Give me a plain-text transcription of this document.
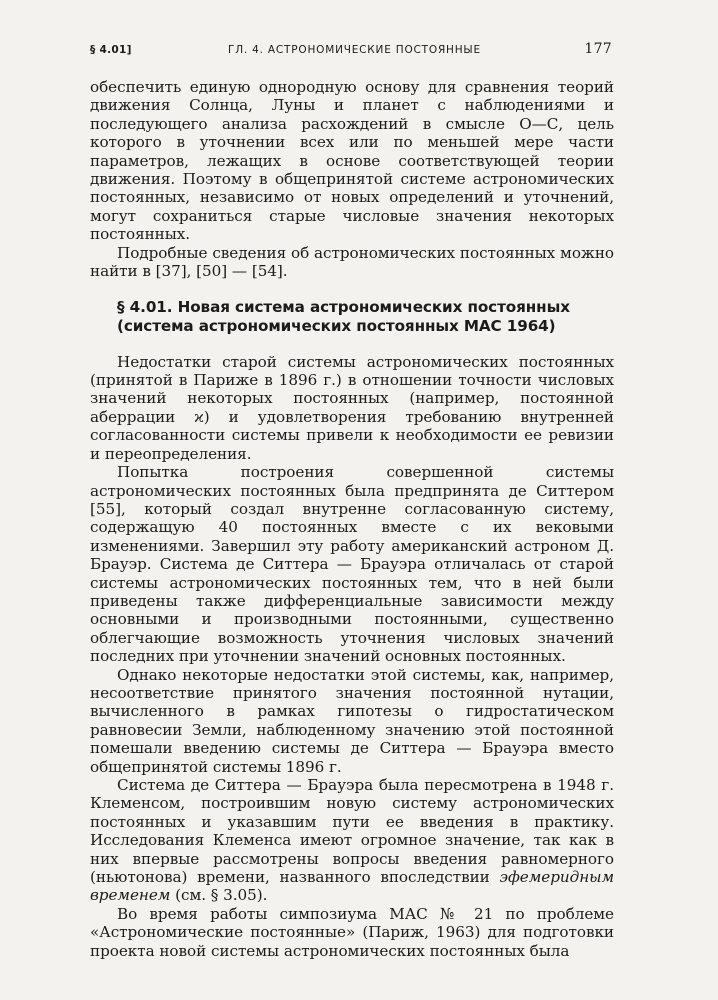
§ 4.01]	ГЛ. 4. АСТРОНОМИЧЕСКИЕ ПОСТОЯННЫЕ	177

обеспечить единую однородную основу для сравнения теорий движения Солнца, Луны и планет с наблюдениями и последующего анализа расхождений в смысле О—С, цель которого в уточнении всех или по меньшей мере части параметров, лежащих в основе соответствующей теории движения. Поэтому в общепринятой системе астрономических постоянных, независимо от новых определений и уточнений, могут сохраниться старые числовые значения некоторых постоянных.

Подробные сведения об астрономических постоянных можно найти в [37], [50] — [54].

§ 4.01. Новая система астрономических постоянных
(система астрономических постоянных МАС 1964)

Недостатки старой системы астрономических постоянных (принятой в Париже в 1896 г.) в отношении точности числовых значений некоторых постоянных (например, постоянной аберрации ϰ) и удовлетворения требованию внутренней согласованности системы привели к необходимости ее ревизии и переопределения.

Попытка построения совершенной системы астрономических постоянных была предпринята де Ситтером [55], который создал внутренне согласованную систему, содержащую 40 постоянных вместе с их вековыми изменениями. Завершил эту работу американский астроном Д. Брауэр. Система де Ситтера — Брауэра отличалась от старой системы астрономических постоянных тем, что в ней были приведены также дифференциальные зависимости между основными и производными постоянными, существенно облегчающие возможность уточнения числовых значений последних при уточнении значений основных постоянных.

Однако некоторые недостатки этой системы, как, например, несоответствие принятого значения постоянной нутации, вычисленного в рамках гипотезы о гидростатическом равновесии Земли, наблюденному значению этой постоянной помешали введению системы де Ситтера — Брауэра вместо общепринятой системы 1896 г.

Система де Ситтера — Брауэра была пересмотрена в 1948 г. Клеменсом, построившим новую систему астрономических постоянных и указавшим пути ее введения в практику. Исследования Клеменса имеют огромное значение, так как в них впервые рассмотрены вопросы введения равномерного (ньютонова) времени, названного впоследствии эфемеридным временем (см. § 3.05).

Во время работы симпозиума МАС № 21 по проблеме «Астрономические постоянные» (Париж, 1963) для подготовки проекта новой системы астрономических постоянных была
